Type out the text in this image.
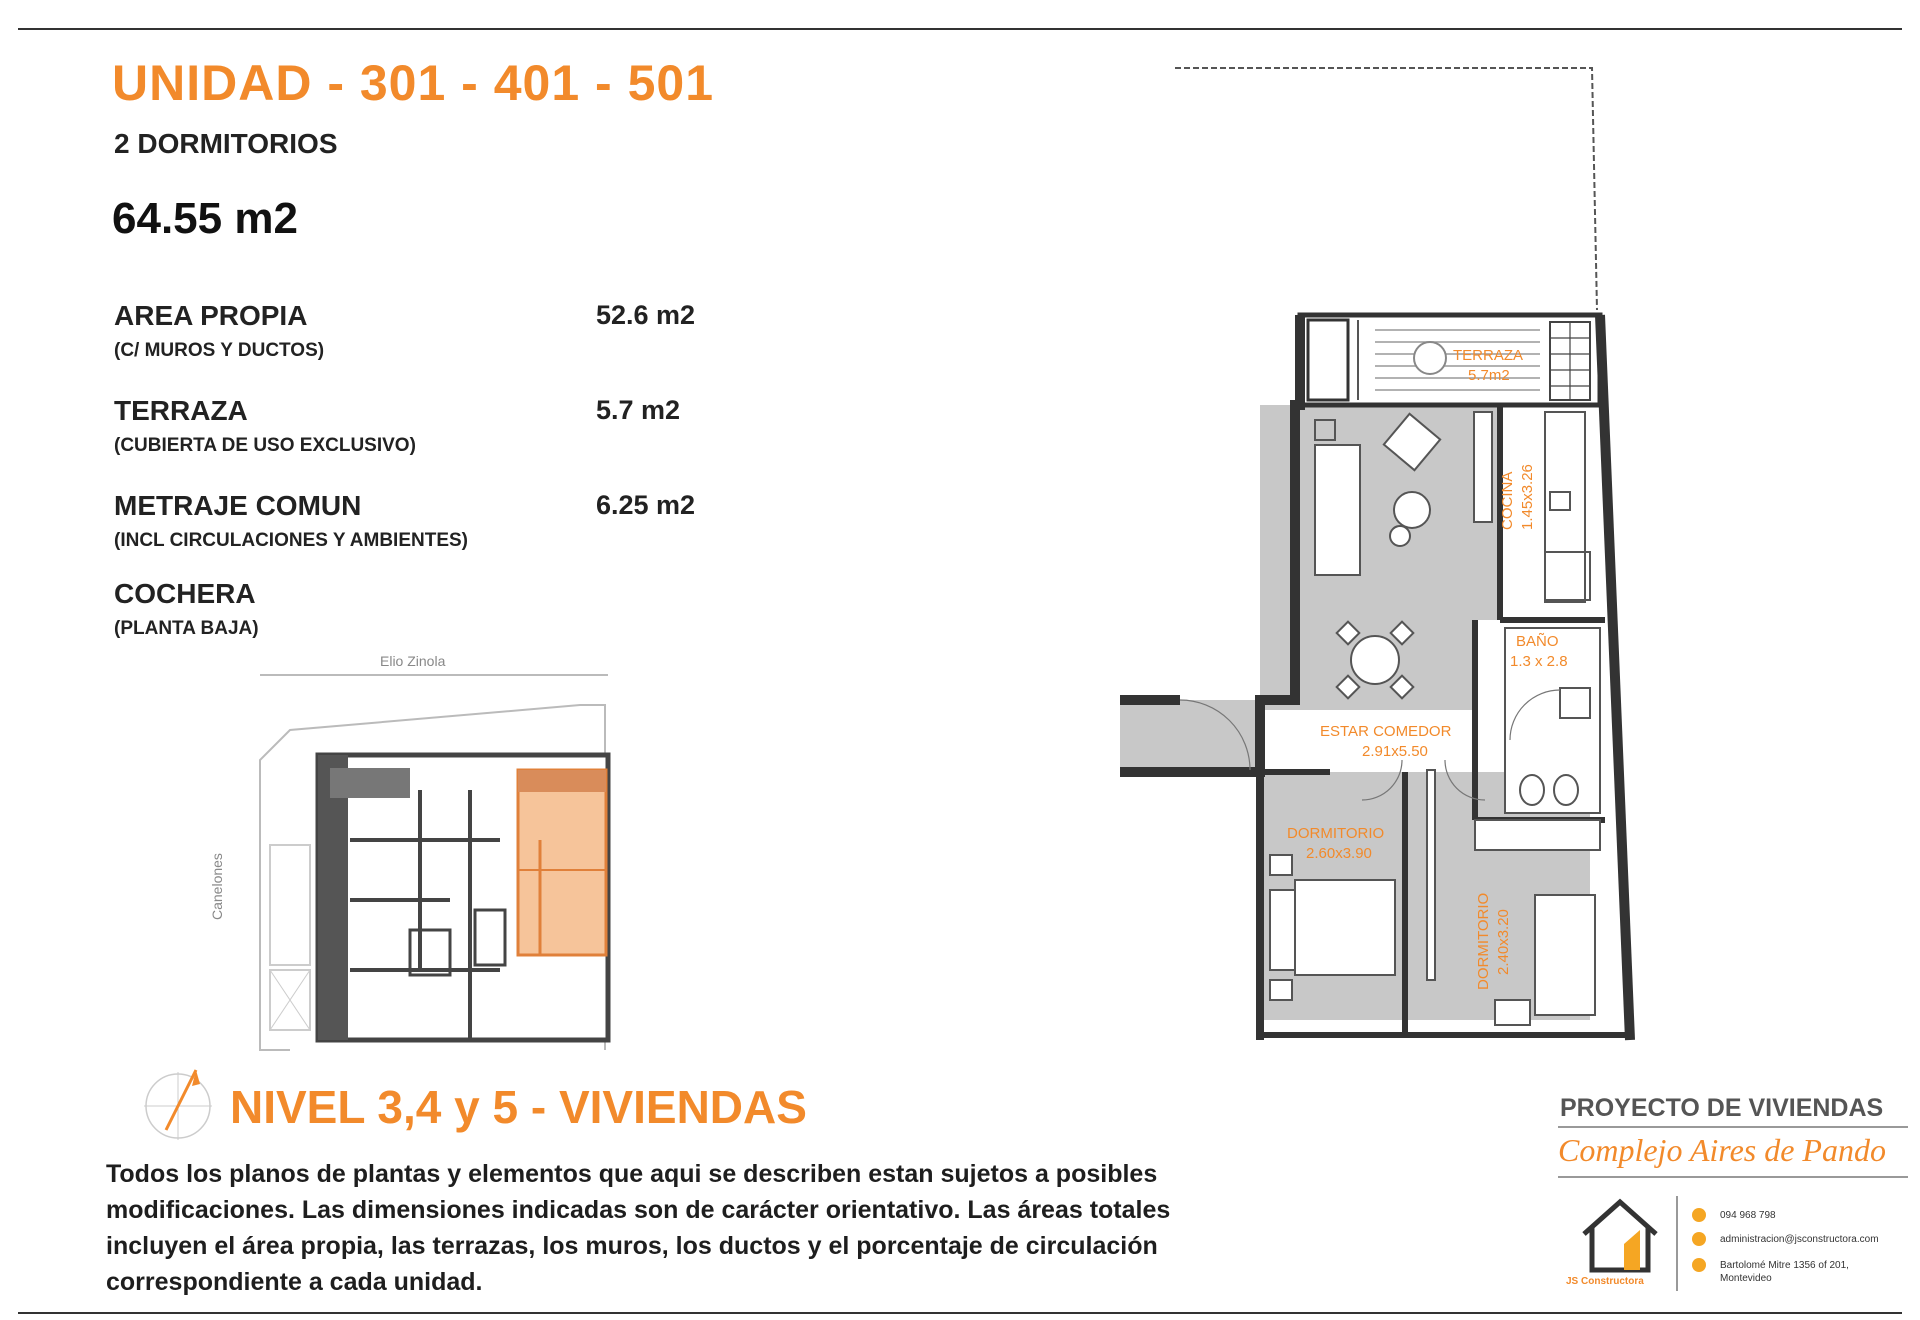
UNIDAD - 301 - 401 - 501
2 DORMITORIOS
64.55 m2
AREA PROPIA
(C/ MUROS Y DUCTOS)
52.6 m2
TERRAZA
(CUBIERTA DE USO EXCLUSIVO)
5.7 m2
METRAJE COMUN
(INCL CIRCULACIONES Y AMBIENTES)
6.25 m2
COCHERA
(PLANTA BAJA)
Elio Zinola
Canelones
NIVEL 3,4 y 5 - VIVIENDAS
Todos los planos de plantas y elementos que aqui se describen estan sujetos a posibles modificaciones. Las dimensiones indicadas son de carácter orientativo. Las áreas totales incluyen el área propia, las terrazas, los muros, los ductos y el porcentaje de circulación correspondiente a cada unidad.
TERRAZA
5.7m2
COCINA 1.45x3.26
BAÑO
1.3 x 2.8
ESTAR COMEDOR
2.91x5.50
DORMITORIO
2.60x3.90
DORMITORIO 2.40x3.20
PROYECTO DE VIVIENDAS
Complejo Aires de Pando
JS Constructora
094 968 798
administracion@jsconstructora.com
Bartolomé Mitre 1356 of 201, Montevideo
